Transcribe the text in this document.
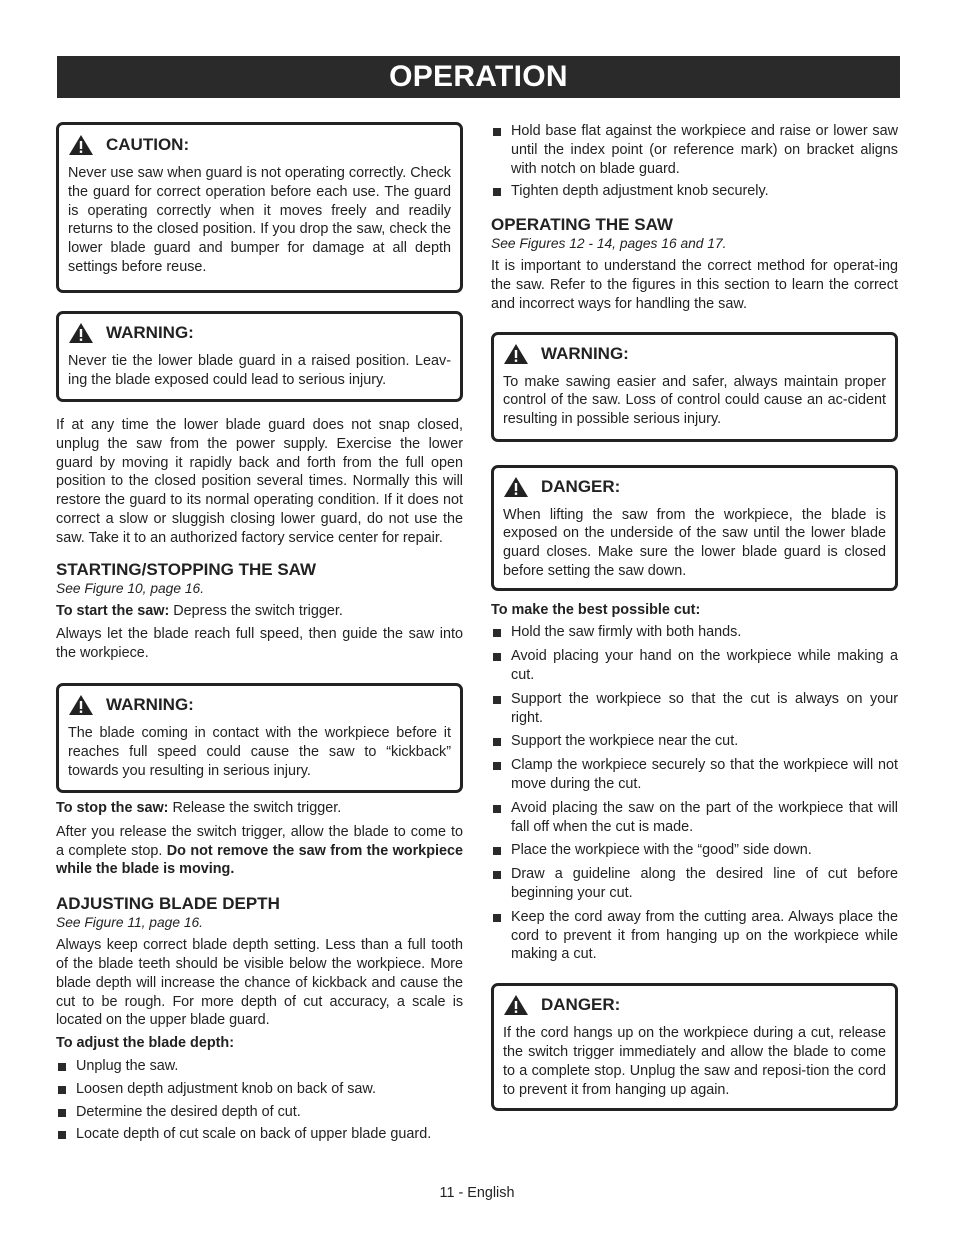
OPERATION
CAUTION:
Never use saw when guard is not operating correctly. Check the guard for correct operation before each use. The guard is operating correctly when it moves freely and readily returns to the closed position. If you drop the saw, check the lower blade guard and bumper for damage at all depth settings before reuse.
WARNING:
Never tie the lower blade guard in a raised position. Leav-ing the blade exposed could lead to serious injury.
If at any time the lower blade guard does not snap closed, unplug the saw from the power supply. Exercise the lower guard by moving it rapidly back and forth from the full open position to the closed position several times. Normally this will restore the guard to its normal operating condition. If it does not correct a slow or sluggish closing lower guard, do not use the saw. Take it to an authorized factory service center for repair.
STARTING/STOPPING THE SAW
See Figure 10, page 16.
To start the saw: Depress the switch trigger.
Always let the blade reach full speed, then guide the saw into the workpiece.
WARNING:
The blade coming in contact with the workpiece before it reaches full speed could cause the saw to “kickback” towards you resulting in serious injury.
To stop the saw: Release the switch trigger.
After you release the switch trigger, allow the blade to come to a complete stop. Do not remove the saw from the workpiece while the blade is moving.
ADJUSTING BLADE DEPTH
See Figure 11, page 16.
Always keep correct blade depth setting. Less than a full tooth of the blade teeth should be visible below the workpiece. More blade depth will increase the chance of kickback and cause the cut to be rough. For more depth of cut accuracy, a scale is located on the upper blade guard.
To adjust the blade depth:
Unplug the saw.
Loosen depth adjustment knob on back of saw.
Determine the desired depth of cut.
Locate depth of cut scale on back of upper blade guard.
Hold base flat against the workpiece and raise or lower saw until the index point (or reference mark) on bracket aligns with notch on blade guard.
Tighten depth adjustment knob securely.
OPERATING THE SAW
See Figures 12 - 14, pages 16 and 17.
It is important to understand the correct method for operat-ing the saw. Refer to the figures in this section to learn the correct and incorrect ways for handling the saw.
WARNING:
To make sawing easier and safer, always maintain proper control of the saw. Loss of control could cause an ac-cident resulting in possible serious injury.
DANGER:
When lifting the saw from the workpiece, the blade is exposed on the underside of the saw until the lower blade guard closes. Make sure the lower blade guard is closed before setting the saw down.
To make the best possible cut:
Hold the saw firmly with both hands.
Avoid placing your hand on the workpiece while making a cut.
Support the workpiece so that the cut is always on your right.
Support the workpiece near the cut.
Clamp the workpiece securely so that the workpiece will not move during the cut.
Avoid placing the saw on the part of the workpiece that will fall off when the cut is made.
Place the workpiece with the “good” side down.
Draw a guideline along the desired line of cut before beginning your cut.
Keep the cord away from the cutting area. Always place the cord to prevent it from hanging up on the workpiece while making a cut.
DANGER:
If the cord hangs up on the workpiece during a cut, release the switch trigger immediately and allow the blade to come to a complete stop. Unplug the saw and reposi-tion the cord to prevent it from hanging up again.
11 - English
